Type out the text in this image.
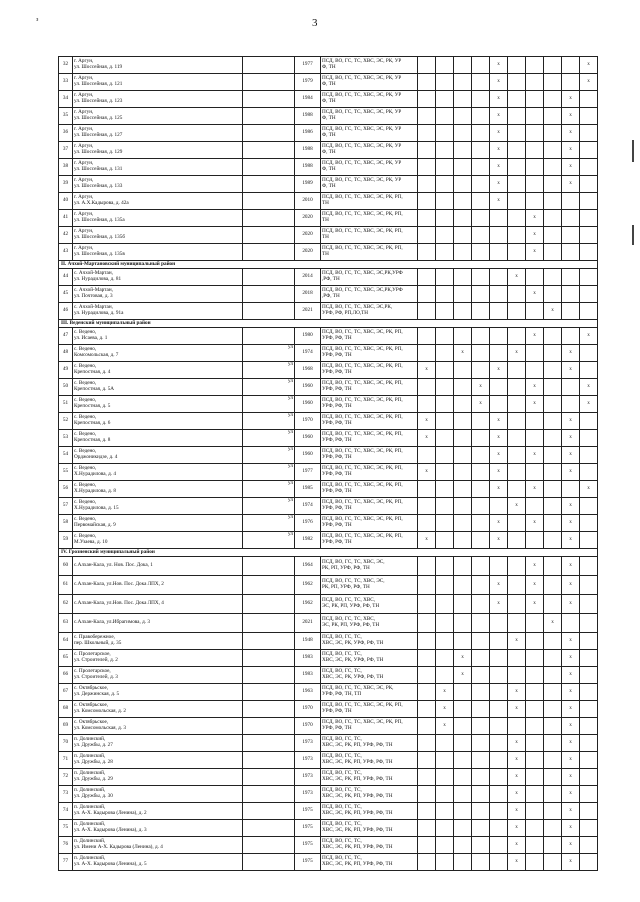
з	3
32	г. Аргун,
ул. Шоссейная, д. 119		1977	ПСД, ВО, ГС, ТС, ХВС, ЭС, РК, УР
Ф, ТН					x					x
33	г. Аргун,
ул. Шоссейная, д. 121		1979	ПСД, ВО, ГС, ТС, ХВС, ЭС, РК, УР
Ф, ТН					x					x
34	г. Аргун,
ул. Шоссейная, д. 123		1984	ПСД, ВО, ГС, ТС, ХВС, ЭС, РК, УР
Ф, ТН					x				x	
35	г. Аргун,
ул. Шоссейная, д. 125		1988	ПСД, ВО, ГС, ТС, ХВС, ЭС, РК, УР
Ф, ТН					x				x	
36	г. Аргун,
ул. Шоссейная, д. 127		1986	ПСД, ВО, ГС, ТС, ХВС, ЭС, РК, УР
Ф, ТН					x				x	
37	г. Аргун,
ул. Шоссейная, д. 129		1988	ПСД, ВО, ГС, ТС, ХВС, ЭС, РК, УР
Ф, ТН					x				x	
38	г. Аргун,
ул. Шоссейная, д. 131		1988	ПСД, ВО, ГС, ТС, ХВС, ЭС, РК, УР
Ф, ТН					x				x	
39	г. Аргун,
ул. Шоссейная, д. 133		1989	ПСД, ВО, ГС, ТС, ХВС, ЭС, РК, УР
Ф, ТН					x				x	
40	г. Аргун,
ул. А.Х.Кадырова, д. 42а		2010	ПСД, ВО, ГС, ТС, ХВС, ЭС, РК, РП,
ТН					x					
41	г. Аргун,
ул. Шоссейная, д. 135а		2020	ПСД, ВО, ГС, ТС, ХВС, ЭС, РК, РП,
ТН							x			
42	г. Аргун,
ул. Шоссейная, д. 135б		2020	ПСД, ВО, ГС, ТС, ХВС, ЭС, РК, РП,
ТН							x			
43	г. Аргун,
ул. Шоссейная, д. 135в		2020	ПСД, ВО, ГС, ТС, ХВС, ЭС, РК, РП,
ТН							x			
II. Ачхой-Мартановский муниципальный район														
44	с. Ачхой-Мартан,
ул. Нурадилова, д. 81		2014	ПСД, ВО, ГС, ТС, ХВС, ЭС,РК,УРФ
,РФ, ТН						x				
45	с. Ачхой-Мартан,
ул. Почтовая, д. 3		2018	ПСД, ВО, ГС, ТС, ХВС, ЭС,РК,УРФ
,РФ, ТН							x			
46	с. Ачхой-Мартан,
ул. Нурадилова, д. 91а		2021	ПСД, ВО, ГС, ТС, ХВС, ЭС,РК,
УРФ, РФ, РП,ЛО,ТН								x		
III. Веденский муниципальный район														
47	с. Ведено,
ул. Исаева, д. 1		1980	ПСД, ВО, ГС, ТС, ХВС, ЭС, РК, РП,
УРФ, РФ, ТН							x			x
48	с. Ведено,
Комсомольская, д. 7	ул	1974	ПСД, ВО, ГС, ТС, ХВС, ЭС, РК, РП,
УРФ, РФ, ТН			x			x			x	
49	с. Ведено,
Крепостная, д. 4	ул	1968	ПСД, ВО, ГС, ТС, ХВС, ЭС, РК, РП,
УРФ, РФ, ТН	x				x				x	
50	с. Ведено,
Крепостная, д. 5А	ул	1960	ПСД, ВО, ГС, ТС, ХВС, ЭС, РК, РП,
УРФ, РФ, ТН				x			x			x
51	с. Ведено,
Крепостная, д. 5	ул	1960	ПСД, ВО, ГС, ТС, ХВС, ЭС, РК, РП,
УРФ, РФ, ТН				x			x			x
52	с. Ведено,
Крепостная, д. 6	ул	1970	ПСД, ВО, ГС, ТС, ХВС, ЭС, РК, РП,
УРФ, РФ, ТН	x				x				x	
53	с. Ведено,
Крепостная, д. 8	ул	1960	ПСД, ВО, ГС, ТС, ХВС, ЭС, РК, РП,
УРФ, РФ, ТН	x				x				x	
54	с. Ведено,
Орджоникидзе, д. 4	ул	1960	ПСД, ВО, ГС, ТС, ХВС, ЭС, РК, РП,
УРФ, РФ, ТН					x		x		x	
55	с. Ведено,
Х.Нурадилова, д. 4	ул	1977	ПСД, ВО, ГС, ТС, ХВС, ЭС, РК, РП,
УРФ, РФ, ТН	x				x				x	
56	с. Ведено,
Х.Нурадилова, д. 8	ул	1985	ПСД, ВО, ГС, ТС, ХВС, ЭС, РК, РП,
УРФ, РФ, ТН					x		x			x
57	с. Ведено,
Х.Нурадилова, д. 15	ул	1974	ПСД, ВО, ГС, ТС, ХВС, ЭС, РК, РП,
УРФ, РФ, ТН						x			x	
58	с. Ведено,
Первомайская, д. 9	ул	1976	ПСД, ВО, ГС, ТС, ХВС, ЭС, РК, РП,
УРФ, РФ, ТН					x		x		x	
59	с. Ведено,
М.Узаева, д. 10	ул	1982	ПСД, ВО, ГС, ТС, ХВС, ЭС, РК, РП,
УРФ, РФ, ТН	x				x				x	
IV. Грозненский муниципальный район														
60	с.Алхан-Кала, ул. Нов. Пос. Дока, 1		1964	ПСД, ВО, ГС, ТС, ХВС, ЭС,
РК, РП, УРФ, РФ, ТН							x		x	
61	с.Алхан-Кала, ул.Нов. Пос. Дока ЛПХ, 2		1962	ПСД, ВО, ГС, ТС, ХВС, ЭС,
РК, РП, УРФ, РФ, ТН					x		x		x	
62	с.Алхан-Кала, ул.Нов. Пос. Дока ЛПХ, 4		1962	ПСД, ВО, ГС, ТС, ХВС,
ЭС, РК, РП, УРФ, РФ, ТН					x		x		x	
63	с.Алхан-Кала, ул.Ибрагимова, д. 3		2021	ПСД, ВО, ГС, ТС, ХВС,
ЭС, РК, РП, УРФ, РФ, ТН								x		
64	с. Правобережное,
пер. Школьный, д. 35		1948	ПСД, ВО, ГС, ТС,
ХВС, ЭС, РК, УРФ, РФ, ТН						x			x	
65	с. Пролетарское,
ул. Строителей, д. 2		1983	ПСД, ВО, ГС, ТС,
ХВС, ЭС, РК, УРФ, РФ, ТН			x						x	
66	с. Пролетарское,
ул. Строителей, д. 3		1983	ПСД, ВО, ГС, ТС,
ХВС, ЭС, РК, УРФ, РФ, ТН			x						x	
67	с. Октябрьское,
ул. Держинская, д. 5		1963	ПСД, ВО, ГС, ТС, ХВС, ЭС, РК,
УРФ, РФ, ТН, ТП		x				x			x	
68	с. Октябрьское,
ул. Комсомольская, д. 2		1970	ПСД, ВО, ГС, ТС, ХВС, ЭС, РК, РП,
УРФ, РФ, ТН		x				x			x	
69	с. Октябрьское,
ул. Комсомольская, д. 3		1970	ПСД, ВО, ГС, ТС, ХВС, ЭС, РК, РП,
УРФ, РФ, ТН		x							x	
70	п. Долинский,
ул. Дружбы, д. 27		1973	ПСД, ВО, ГС, ТС,
ХВС, ЭС, РК, РП, УРФ, РФ, ТН						x			x	
71	п. Долинский,
ул. Дружбы, д. 28		1973	ПСД, ВО, ГС, ТС,
ХВС, ЭС, РК, РП, УРФ, РФ, ТН						x			x	
72	п. Долинский,
ул. Дружбы, д. 29		1973	ПСД, ВО, ГС, ТС,
ХВС, ЭС, РК, РП, УРФ, РФ, ТН						x			x	
73	п. Долинский,
ул. Дружбы, д. 30		1973	ПСД, ВО, ГС, ТС,
ХВС, ЭС, РК, РП, УРФ, РФ, ТН						x			x	
74	п. Долинский,
ул. А-Х. Кадырова (Ленина), д. 2		1975	ПСД, ВО, ГС, ТС,
ХВС, ЭС, РК, РП, УРФ, РФ, ТН						x			x	
75	п. Долинский,
ул. А-Х. Кадырова (Ленина), д. 3		1975	ПСД, ВО, ГС, ТС,
ХВС, ЭС, РК, РП, УРФ, РФ, ТН						x			x	
76	п. Долинский,
ул. Имени А-Х. Кадырова (Ленина), д. 4		1975	ПСД, ВО, ГС, ТС,
ХВС, ЭС, РК, РП, УРФ, РФ, ТН						x			x	
77	п. Долинский,
ул. А-Х. Кадырова (Ленина), д. 5		1975	ПСД, ВО, ГС, ТС,
ХВС, ЭС, РК, РП, УРФ, РФ, ТН						x			x	
